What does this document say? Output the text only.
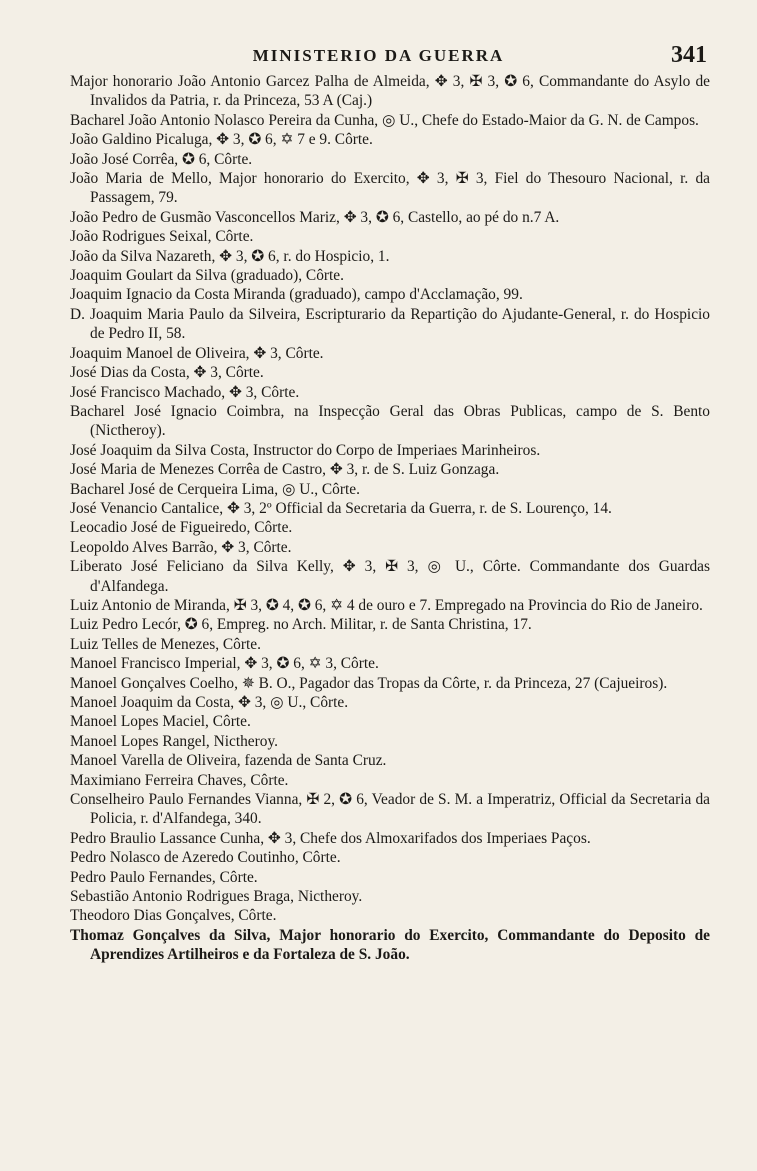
MINISTERIO DA GUERRA	341

Major honorario João Antonio Garcez Palha de Almeida, ✥ 3, ✠ 3, ✪ 6, Commandante do Asylo de Invalidos da Patria, r. da Princeza, 53 A (Caj.)

Bacharel João Antonio Nolasco Pereira da Cunha, ◎ U., Chefe do Estado-Maior da G. N. de Campos.

João Galdino Picaluga, ✥ 3, ✪ 6, ✡ 7 e 9. Côrte.

João José Corrêa, ✪ 6, Côrte.

João Maria de Mello, Major honorario do Exercito, ✥ 3, ✠ 3, Fiel do Thesouro Nacional, r. da Passagem, 79.

João Pedro de Gusmão Vasconcellos Mariz, ✥ 3, ✪ 6, Castello, ao pé do n.7 A.

João Rodrigues Seixal, Côrte.

João da Silva Nazareth, ✥ 3, ✪ 6, r. do Hospicio, 1.

Joaquim Goulart da Silva (graduado), Côrte.

Joaquim Ignacio da Costa Miranda (graduado), campo d'Acclamação, 99.

D. Joaquim Maria Paulo da Silveira, Escripturario da Repartição do Ajudante-General, r. do Hospicio de Pedro II, 58.

Joaquim Manoel de Oliveira, ✥ 3, Côrte.

José Dias da Costa, ✥ 3, Côrte.

José Francisco Machado, ✥ 3, Côrte.

Bacharel José Ignacio Coimbra, na Inspecção Geral das Obras Publicas, campo de S. Bento (Nictheroy).

José Joaquim da Silva Costa, Instructor do Corpo de Imperiaes Marinheiros.

José Maria de Menezes Corrêa de Castro, ✥ 3, r. de S. Luiz Gonzaga.

Bacharel José de Cerqueira Lima, ◎ U., Côrte.

José Venancio Cantalice, ✥ 3, 2º Official da Secretaria da Guerra, r. de S. Lourenço, 14.

Leocadio José de Figueiredo, Côrte.

Leopoldo Alves Barrão, ✥ 3, Côrte.

Liberato José Feliciano da Silva Kelly, ✥ 3, ✠ 3, ◎ U., Côrte. Commandante dos Guardas d'Alfandega.

Luiz Antonio de Miranda, ✠ 3, ✪ 4, ✪ 6, ✡ 4 de ouro e 7. Empregado na Provincia do Rio de Janeiro.

Luiz Pedro Lecór, ✪ 6, Empreg. no Arch. Militar, r. de Santa Christina, 17.

Luiz Telles de Menezes, Côrte.

Manoel Francisco Imperial, ✥ 3, ✪ 6, ✡ 3, Côrte.

Manoel Gonçalves Coelho, ✵ B. O., Pagador das Tropas da Côrte, r. da Princeza, 27 (Cajueiros).

Manoel Joaquim da Costa, ✥ 3, ◎ U., Côrte.

Manoel Lopes Maciel, Côrte.

Manoel Lopes Rangel, Nictheroy.

Manoel Varella de Oliveira, fazenda de Santa Cruz.

Maximiano Ferreira Chaves, Côrte.

Conselheiro Paulo Fernandes Vianna, ✠ 2, ✪ 6, Veador de S. M. a Imperatriz, Official da Secretaria da Policia, r. d'Alfandega, 340.

Pedro Braulio Lassance Cunha, ✥ 3, Chefe dos Almoxarifados dos Imperiaes Paços.

Pedro Nolasco de Azeredo Coutinho, Côrte.

Pedro Paulo Fernandes, Côrte.

Sebastião Antonio Rodrigues Braga, Nictheroy.

Theodoro Dias Gonçalves, Côrte.

Thomaz Gonçalves da Silva, Major honorario do Exercito, Commandante do Deposito de Aprendizes Artilheiros e da Fortaleza de S. João.
